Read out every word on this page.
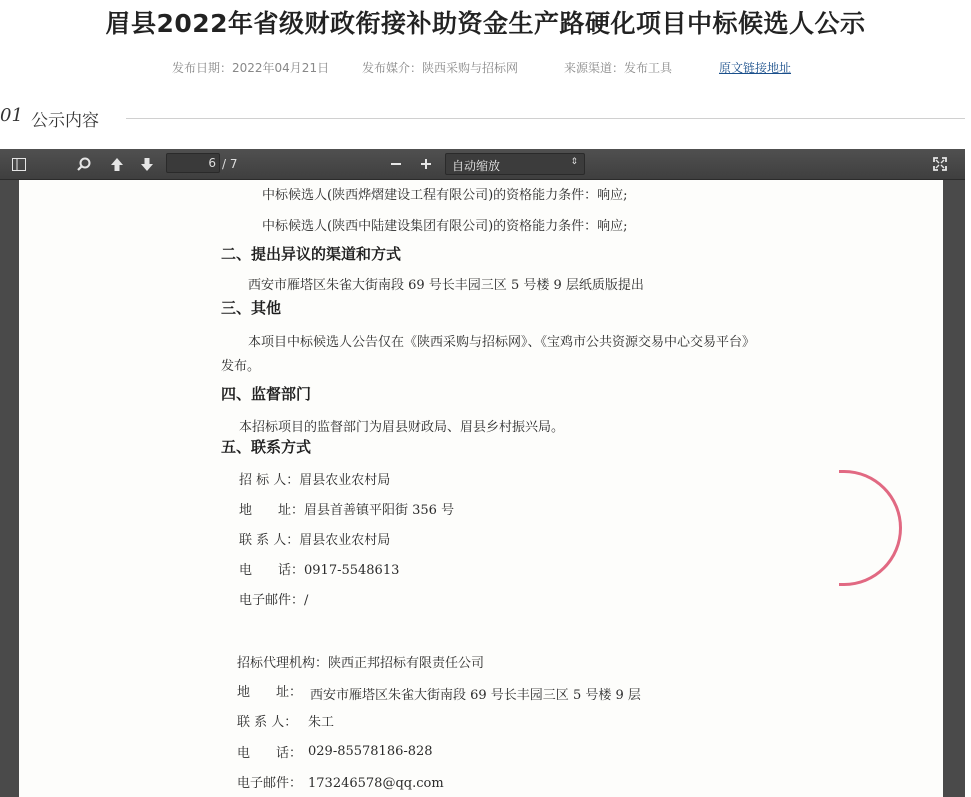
眉县2022年省级财政衔接补助资金生产路硬化项目中标候选人公示
发布日期：2022年04月21日	发布媒介：陕西采购与招标网	来源渠道：发布工具	原文链接地址
01 公示内容
6 / 7	自动缩放	⇕
中标候选人(陕西烨熠建设工程有限公司)的资格能力条件：响应;
中标候选人(陕西中陆建设集团有限公司)的资格能力条件：响应;
二、提出异议的渠道和方式
西安市雁塔区朱雀大街南段 69 号长丰园三区 5 号楼 9 层纸质版提出
三、其他
本项目中标候选人公告仅在《陕西采购与招标网》、《宝鸡市公共资源交易中心交易平台》
发布。
四、监督部门
本招标项目的监督部门为眉县财政局、眉县乡村振兴局。
五、联系方式
招 标 人：眉县农业农村局
地　　址：眉县首善镇平阳街 356 号
联 系 人：眉县农业农村局
电　　话：0917-5548613
电子邮件：/
招标代理机构：陕西正邦招标有限责任公司
地　　址： 西安市雁塔区朱雀大街南段 69 号长丰园三区 5 号楼 9 层
联 系 人： 朱工
电　　话： 029-85578186-828
电子邮件： 173246578@qq.com
